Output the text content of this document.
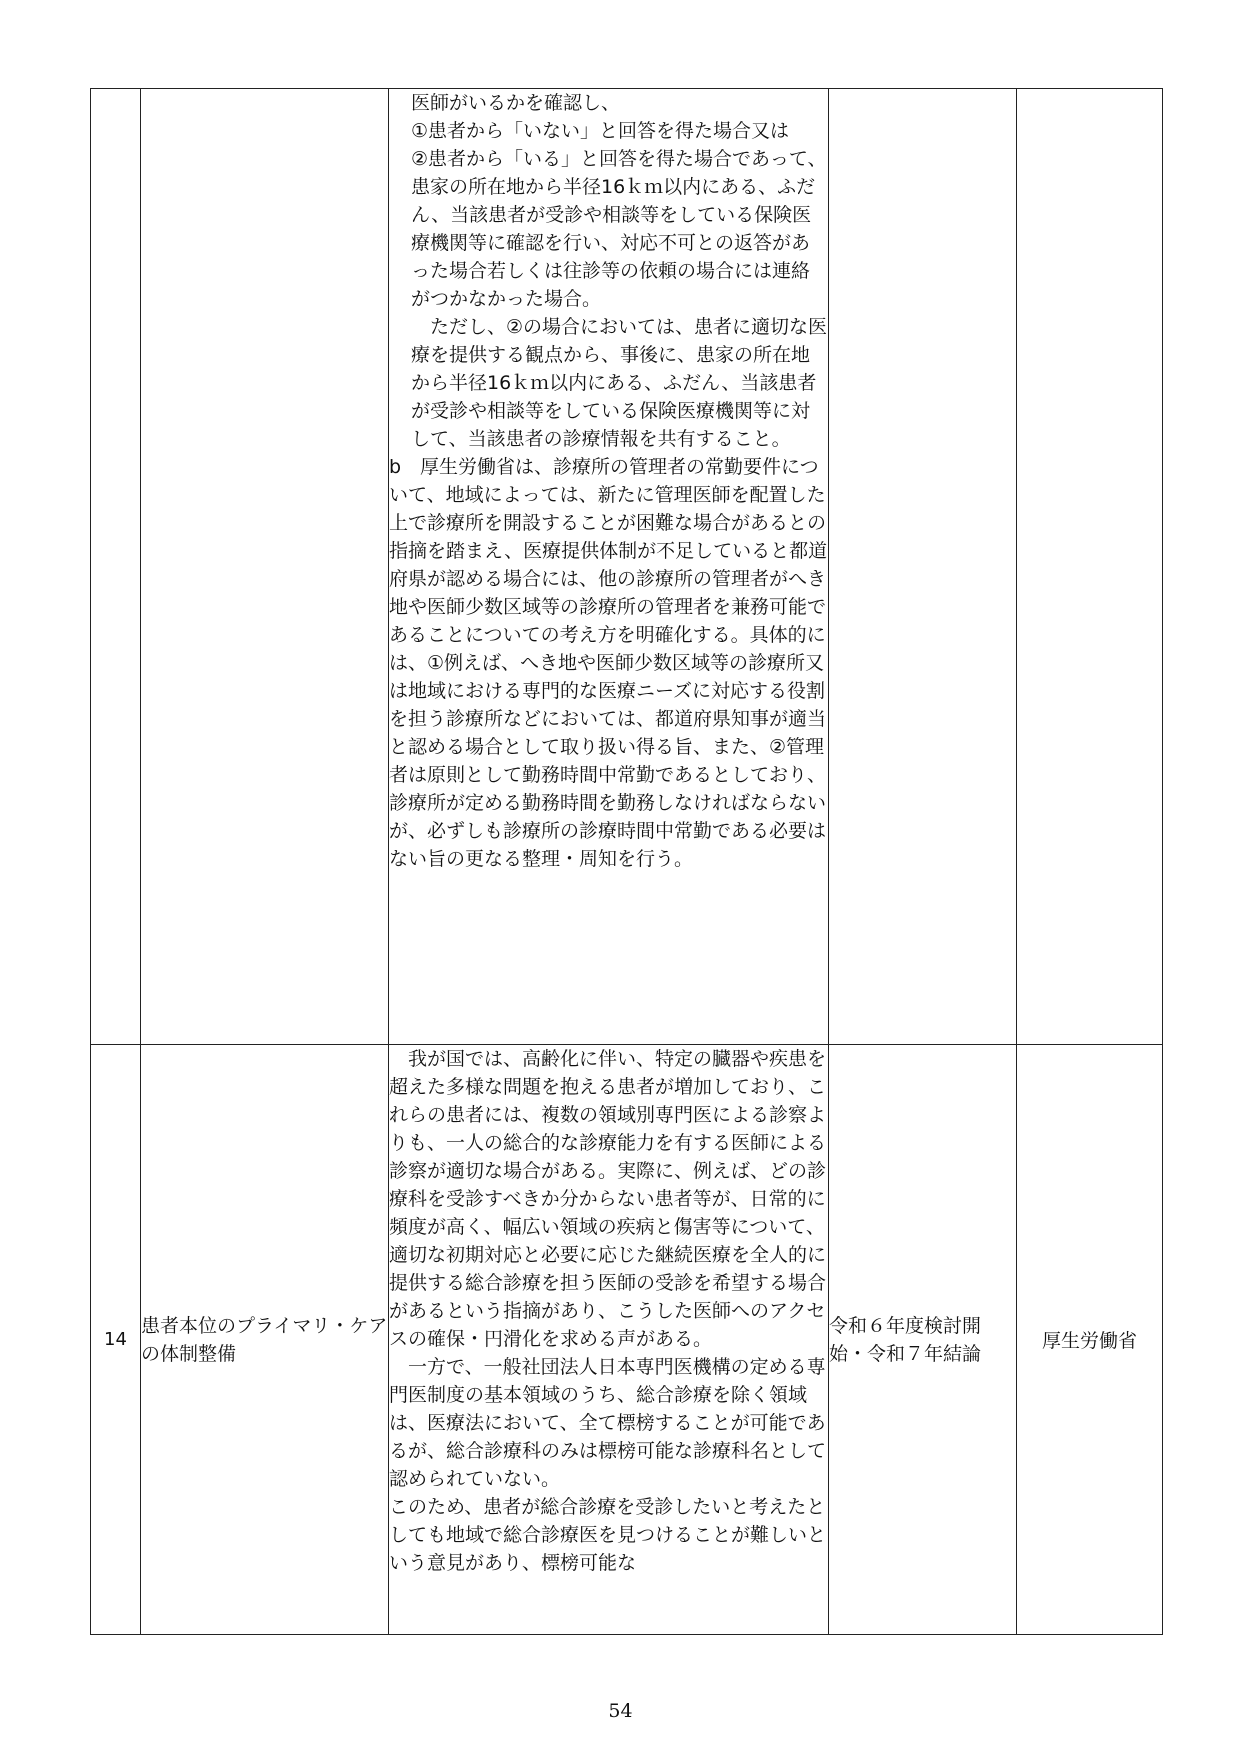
		医師がいるかを確認し、

①患者から「いない」と回答を得た場合又は

②患者から「いる」と回答を得た場合であって、患家の所在地から半径16ｋｍ以内にある、ふだん、当該患者が受診や相談等をしている保険医療機関等に確認を行い、対応不可との返答があった場合若しくは往診等の依頼の場合には連絡がつかなかった場合。

ただし、②の場合においては、患者に適切な医療を提供する観点から、事後に、患家の所在地から半径16ｋｍ以内にある、ふだん、当該患者が受診や相談等をしている保険医療機関等に対して、当該患者の診療情報を共有すること。

b　厚生労働省は、診療所の管理者の常勤要件について、地域によっては、新たに管理医師を配置した上で診療所を開設することが困難な場合があるとの指摘を踏まえ、医療提供体制が不足していると都道府県が認める場合には、他の診療所の管理者がへき地や医師少数区域等の診療所の管理者を兼務可能であることについての考え方を明確化する。具体的には、①例えば、へき地や医師少数区域等の診療所又は地域における専門的な医療ニーズに対応する役割を担う診療所などにおいては、都道府県知事が適当と認める場合として取り扱い得る旨、また、②管理者は原則として勤務時間中常勤であるとしており、診療所が定める勤務時間を勤務しなければならないが、必ずしも診療所の診療時間中常勤である必要はない旨の更なる整理・周知を行う。		

14	患者本位のプライマリ・ケアの体制整備	我が国では、高齢化に伴い、特定の臓器や疾患を超えた多様な問題を抱える患者が増加しており、これらの患者には、複数の領域別専門医による診察よりも、一人の総合的な診療能力を有する医師による診察が適切な場合がある。実際に、例えば、どの診療科を受診すべきか分からない患者等が、日常的に頻度が高く、幅広い領域の疾病と傷害等について、適切な初期対応と必要に応じた継続医療を全人的に提供する総合診療を担う医師の受診を希望する場合があるという指摘があり、こうした医師へのアクセスの確保・円滑化を求める声がある。

一方で、一般社団法人日本専門医機構の定める専門医制度の基本領域のうち、総合診療を除く領域は、医療法において、全て標榜することが可能であるが、総合診療科のみは標榜可能な診療科名として認められていない。

このため、患者が総合診療を受診したいと考えたとしても地域で総合診療医を見つけることが難しいという意見があり、標榜可能な	令和６年度検討開始・令和７年結論	厚生労働省
54
